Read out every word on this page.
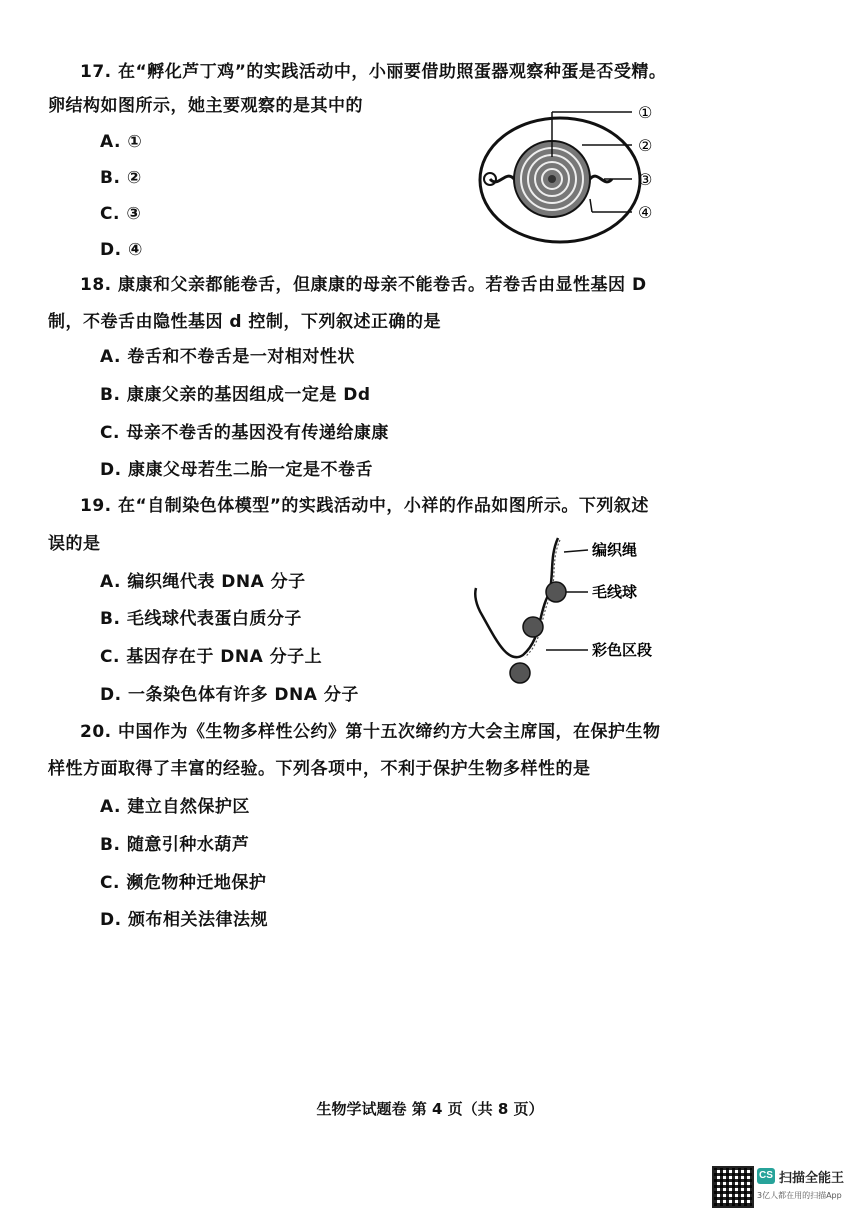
17. 在“孵化芦丁鸡”的实践活动中，小丽要借助照蛋器观察种蛋是否受精。
卵结构如图所示，她主要观察的是其中的
A. ①
B. ②
C. ③
D. ④
①
②
③
④
18. 康康和父亲都能卷舌，但康康的母亲不能卷舌。若卷舌由显性基因 D
制，不卷舌由隐性基因 d 控制，下列叙述正确的是
A. 卷舌和不卷舌是一对相对性状
B. 康康父亲的基因组成一定是 Dd
C. 母亲不卷舌的基因没有传递给康康
D. 康康父母若生二胎一定是不卷舌
19. 在“自制染色体模型”的实践活动中，小祥的作品如图所示。下列叙述
误的是
A. 编织绳代表 DNA 分子
B. 毛线球代表蛋白质分子
C. 基因存在于 DNA 分子上
D. 一条染色体有许多 DNA 分子
编织绳
毛线球
彩色区段
20. 中国作为《生物多样性公约》第十五次缔约方大会主席国，在保护生物
样性方面取得了丰富的经验。下列各项中，不利于保护生物多样性的是
A. 建立自然保护区
B. 随意引种水葫芦
C. 濒危物种迁地保护
D. 颁布相关法律法规
生物学试题卷 第 4 页（共 8 页）
CS 扫描全能王
3亿人都在用的扫描App
